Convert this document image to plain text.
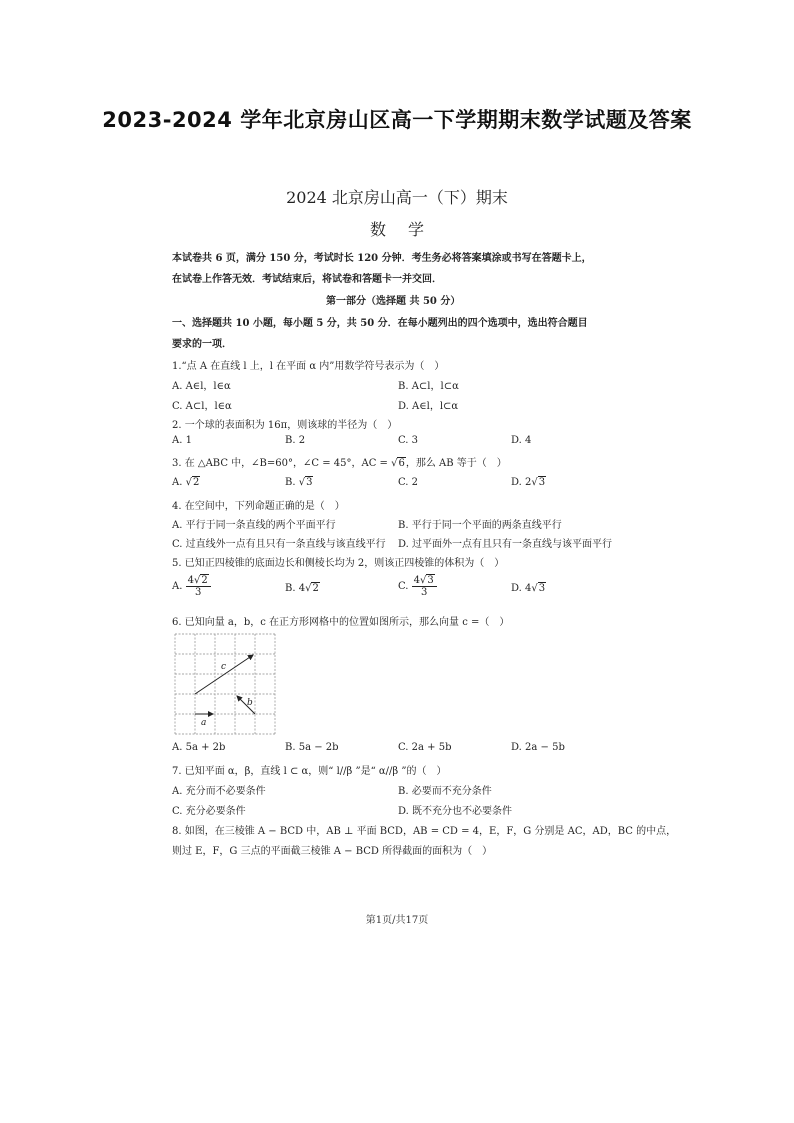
2023-2024 学年北京房山区高一下学期期末数学试题及答案
2024 北京房山高一（下）期末
数学
本试卷共 6 页，满分 150 分，考试时长 120 分钟．考生务必将答案填涂或书写在答题卡上，
在试卷上作答无效．考试结束后，将试卷和答题卡一并交回．
第一部分（选择题 共 50 分）
一、选择题共 10 小题，每小题 5 分，共 50 分．在每小题列出的四个选项中，选出符合题目
要求的一项．
1.“点 A 在直线 l 上，l 在平面 α 内”用数学符号表示为（　）
A. A∈l，l∈α	B. A⊂l，l⊂α
C. A⊂l，l∈α	D. A∈l，l⊂α
2. 一个球的表面积为 16π，则该球的半径为（　）
A. 1	B. 2	C. 3	D. 4
3. 在 △ABC 中，∠B=60°，∠C = 45°，AC = √6，那么 AB 等于（　）
A. √2	B. √3	C. 2	D. 2√3
4. 在空间中，下列命题正确的是（　）
A. 平行于同一条直线的两个平面平行	B. 平行于同一个平面的两条直线平行
C. 过直线外一点有且只有一条直线与该直线平行 D. 过平面外一点有且只有一条直线与该平面平行
5. 已知正四棱锥的底面边长和侧棱长均为 2，则该正四棱锥的体积为（　）
A. $\frac{4√2}{3}$	B. 4√2	C. $\frac{4√3}{3}$	D. 4√3
6. 已知向量 a，b，c 在正方形网格中的位置如图所示，那么向量 c =（　）
A. 5a + 2b	B. 5a − 2b	C. 2a + 5b	D. 2a − 5b
7. 已知平面 α，β，直线 l ⊂ α，则“ l//β ”是“ α//β ”的（　）
A. 充分而不必要条件	B. 必要而不充分条件
C. 充分必要条件	D. 既不充分也不必要条件
8. 如图，在三棱锥 A − BCD 中，AB ⊥ 平面 BCD，AB = CD = 4，E，F，G 分别是 AC，AD，BC 的中点，
则过 E，F，G 三点的平面截三棱锥 A − BCD 所得截面的面积为（　）
c
b
a
第1页/共17页
